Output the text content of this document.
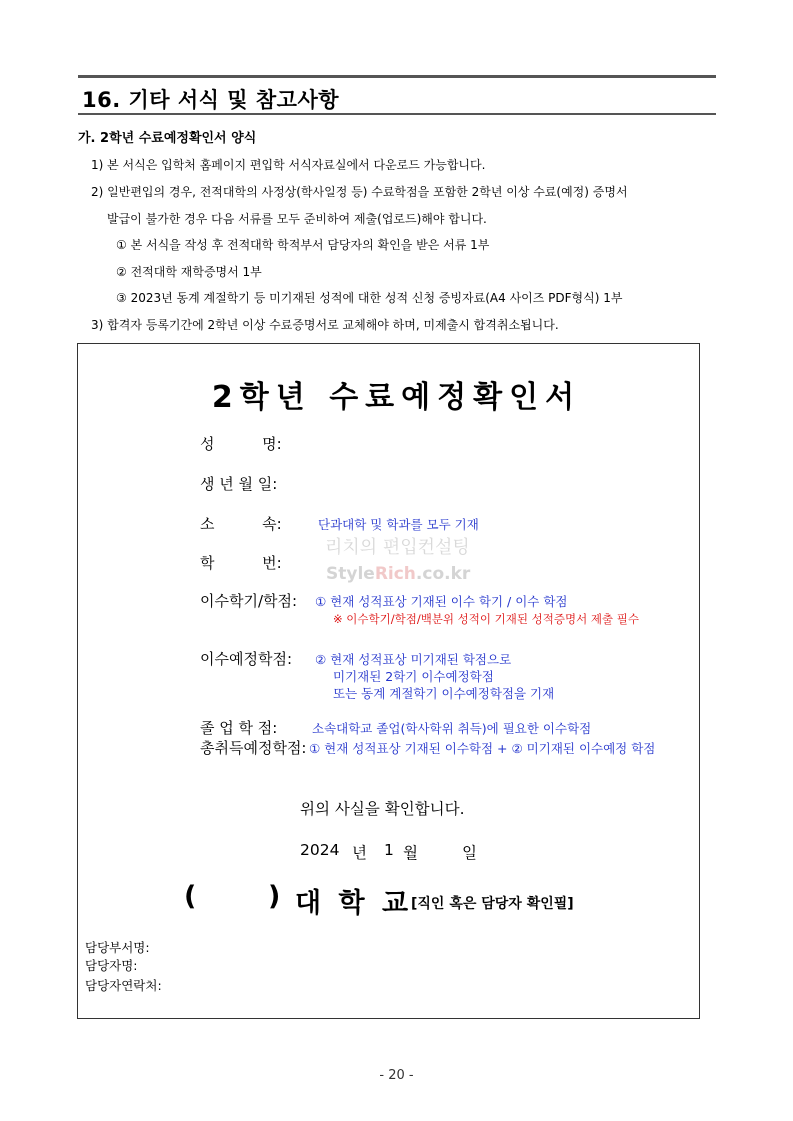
16. 기타 서식 및 참고사항
가. 2학년 수료예정확인서 양식
1) 본 서식은 입학처 홈페이지 편입학 서식자료실에서 다운로드 가능합니다.
2) 일반편입의 경우, 전적대학의 사정상(학사일정 등) 수료학점을 포함한 2학년 이상 수료(예정) 증명서
발급이 불가한 경우 다음 서류를 모두 준비하여 제출(업로드)해야 합니다.
① 본 서식을 작성 후 전적대학 학적부서 담당자의 확인을 받은 서류 1부
② 전적대학 재학증명서 1부
③ 2023년 동계 계절학기 등 미기재된 성적에 대한 성적 신청 증빙자료(A4 사이즈 PDF형식) 1부
3) 합격자 등록기간에 2학년 이상 수료증명서로 교체해야 하며, 미제출시 합격취소됩니다.
2학년 수료예정확인서
성          명:
생 년 월 일:
소          속:	단과대학 및 학과를 모두 기재
학          번:
리치의 편입컨설팅
StyleRich.co.kr
이수학기/학점: ① 현재 성적표상 기재된 이수 학기 / 이수 학점
※ 이수학기/학점/백분위 성적이 기재된 성적증명서 제출 필수
이수예정학점: ② 현재 성적표상 미기재된 학점으로
미기재된 2학기 이수예정학점
또는 동계 계절학기 이수예정학점을 기재
졸 업 학 점:	소속대학교 졸업(학사학위 취득)에 필요한 이수학점
총취득예정학점: ① 현재 성적표상 기재된 이수학점 + ② 미기재된 이수예정 학점
위의 사실을 확인합니다.
2024 년 1 월	일
(	) 대 학 교
[직인 혹은 담당자 확인필]
담당부서명:
담당자명:
담당자연락처:
- 20 -
